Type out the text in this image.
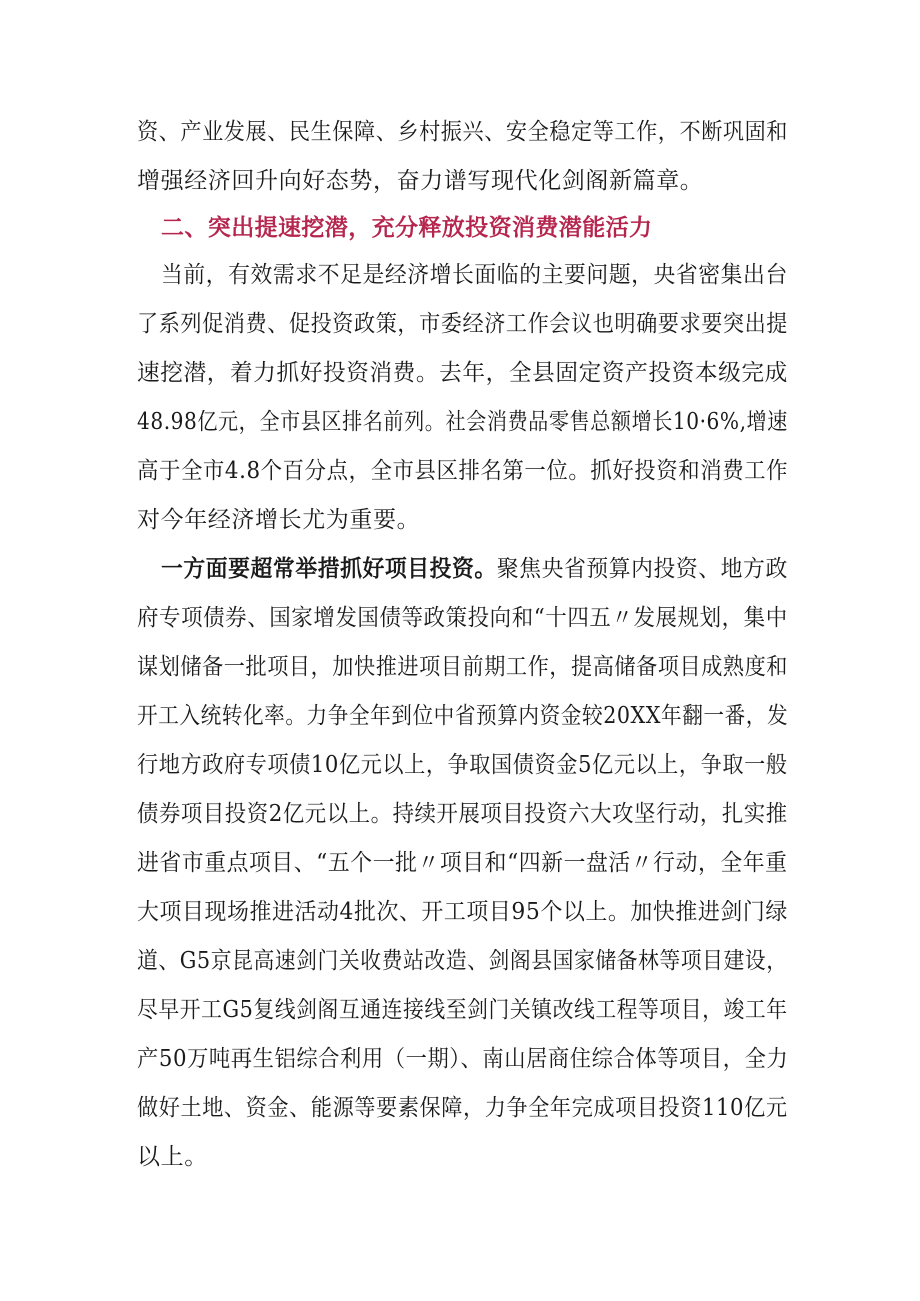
资、产业发展、民生保障、乡村振兴、安全稳定等工作，不断巩固和
增强经济回升向好态势，奋力谱写现代化剑阁新篇章。
二、突出提速挖潜，充分释放投资消费潜能活力
当前，有效需求不足是经济增长面临的主要问题，央省密集出台
了系列促消费、促投资政策，市委经济工作会议也明确要求要突出提
速挖潜，着力抓好投资消费。去年，全县固定资产投资本级完成
48.98亿元，全市县区排名前列。社会消费品零售总额增长10·6%,增速
高于全市4.8个百分点，全市县区排名第一位。抓好投资和消费工作
对今年经济增长尤为重要。
一方面要超常举措抓好项目投资。聚焦央省预算内投资、地方政
府专项债券、国家增发国债等政策投向和“十四五〃发展规划，集中
谋划储备一批项目，加快推进项目前期工作，提高储备项目成熟度和
开工入统转化率。力争全年到位中省预算内资金较20XX年翻一番，发
行地方政府专项债10亿元以上，争取国债资金5亿元以上，争取一般
债券项目投资2亿元以上。持续开展项目投资六大攻坚行动，扎实推
进省市重点项目、“五个一批〃项目和“四新一盘活〃行动，全年重
大项目现场推进活动4批次、开工项目95个以上。加快推进剑门绿
道、G5京昆高速剑门关收费站改造、剑阁县国家储备林等项目建设，
尽早开工G5复线剑阁互通连接线至剑门关镇改线工程等项目，竣工年
产50万吨再生铝综合利用（一期）、南山居商住综合体等项目，全力
做好土地、资金、能源等要素保障，力争全年完成项目投资110亿元
以上。
